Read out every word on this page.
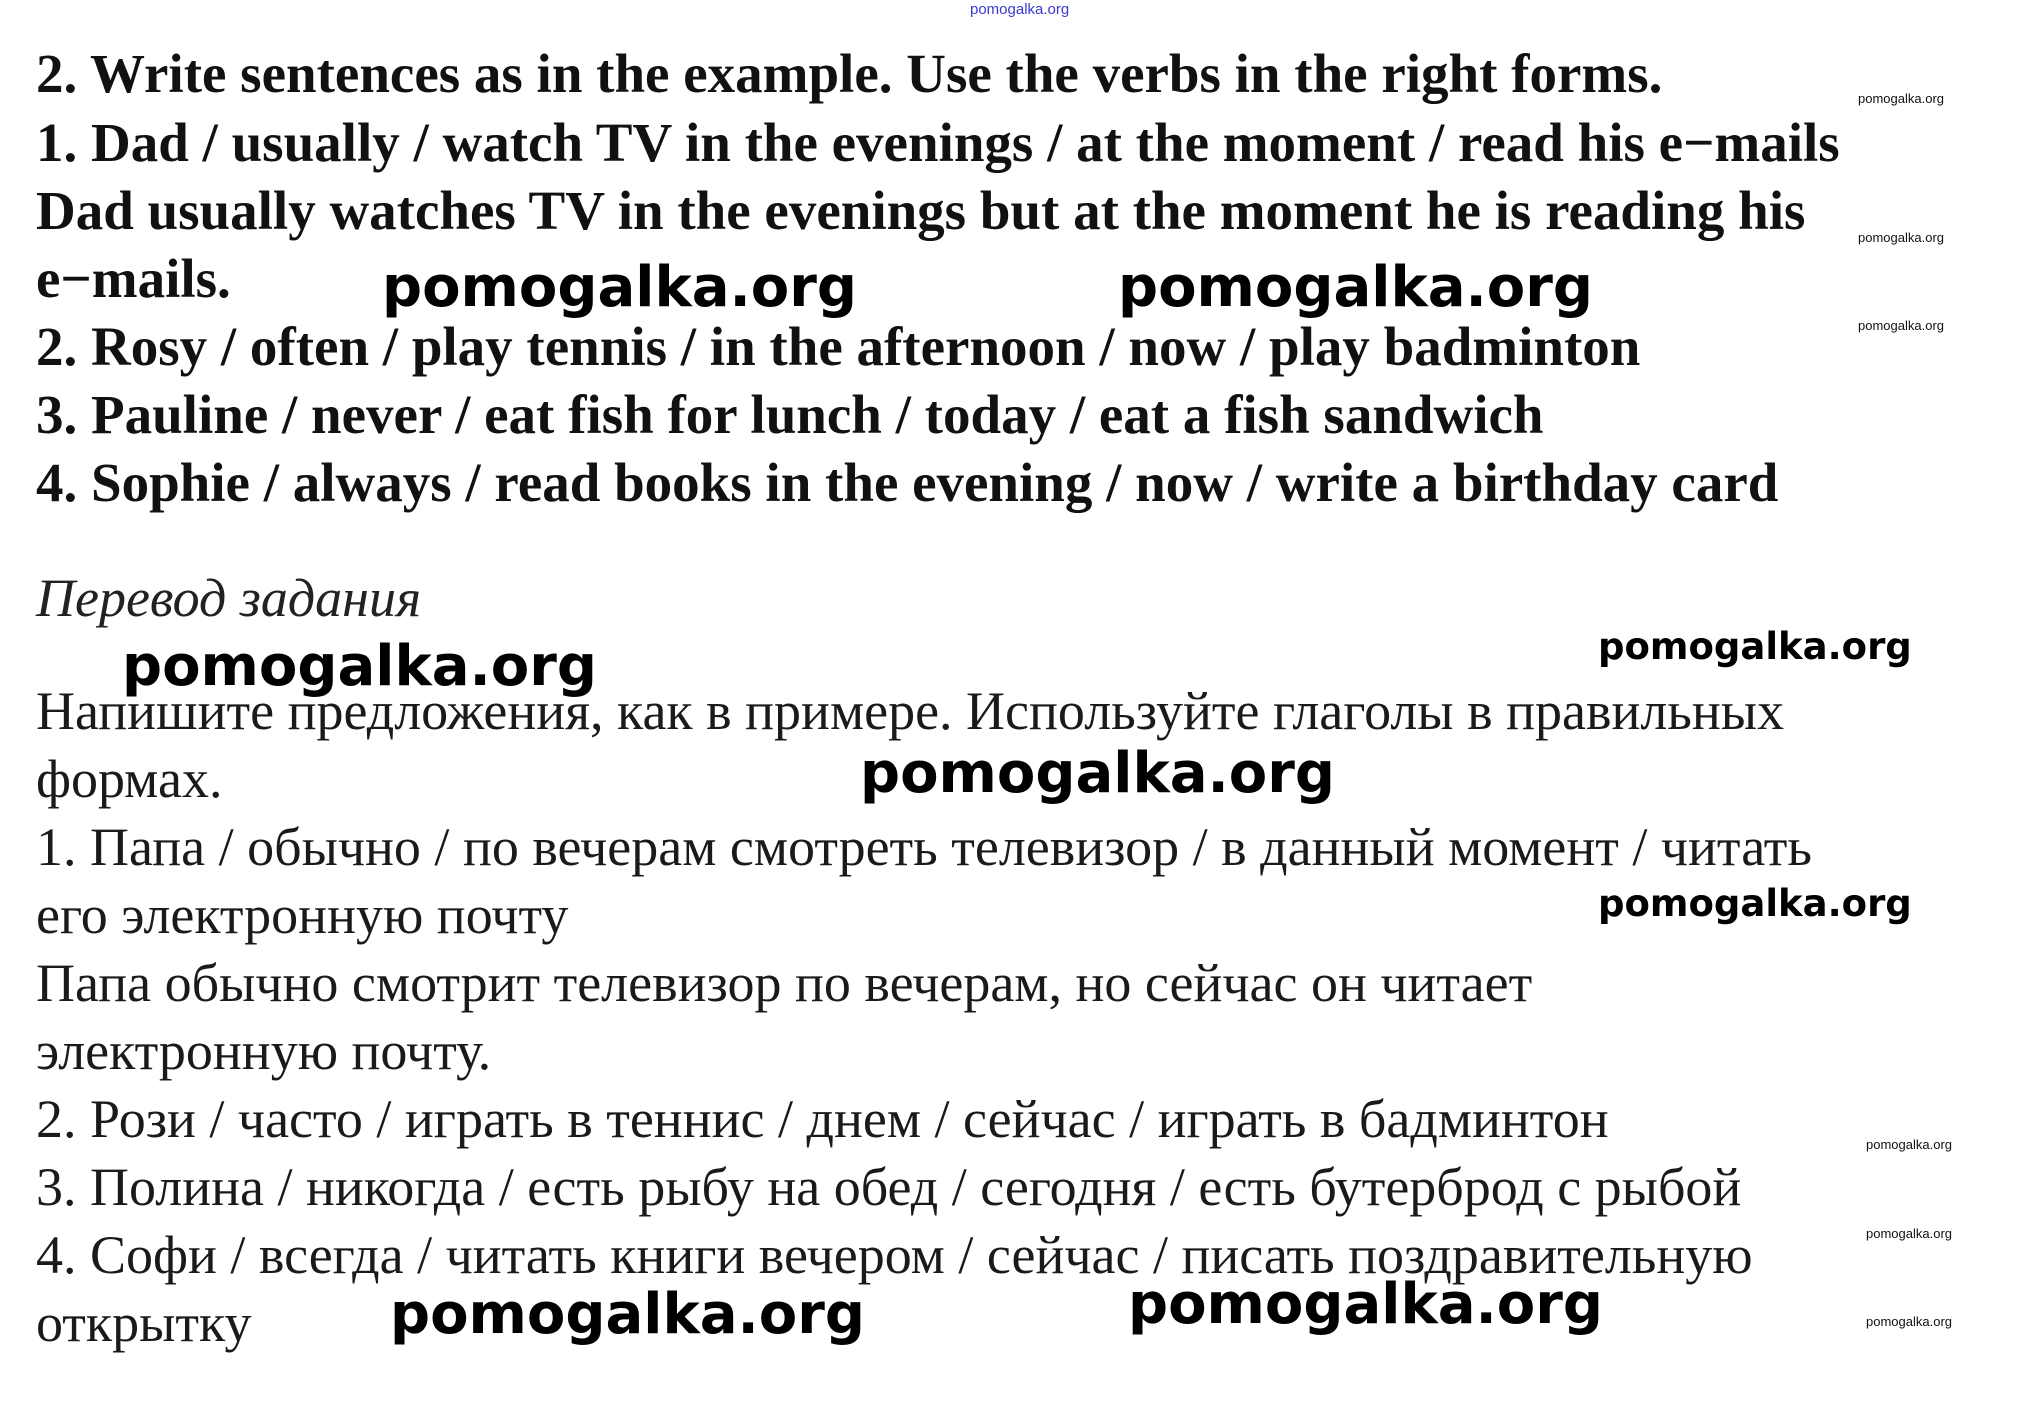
pomogalka.org
2. Write sentences as in the example. Use the verbs in the right forms.
1. Dad / usually / watch TV in the evenings / at the moment / read his e−mails
Dad usually watches TV in the evenings but at the moment he is reading his
e−mails.
2. Rosy / often / play tennis / in the afternoon / now / play badminton
3. Pauline / never / eat fish for lunch / today / eat a fish sandwich
4. Sophie / always / read books in the evening / now / write a birthday card
Перевод задания
Напишите предложения, как в примере. Используйте глаголы в правильных
формах.
1. Папа / обычно / по вечерам смотреть телевизор / в данный момент / читать
его электронную почту
Папа обычно смотрит телевизор по вечерам, но сейчас он читает
электронную почту.
2. Рози / часто / играть в теннис / днем / сейчас / играть в бадминтон
3. Полина / никогда / есть рыбу на обед / сегодня / есть бутерброд с рыбой
4. Софи / всегда / читать книги вечером / сейчас / писать поздравительную
открытку
pomogalka.org	pomogalka.org
pomogalka.org
pomogalka.org
pomogalka.org	pomogalka.org
pomogalka.org
pomogalka.org
pomogalka.org
pomogalka.org
pomogalka.org
pomogalka.org
pomogalka.org
pomogalka.org
